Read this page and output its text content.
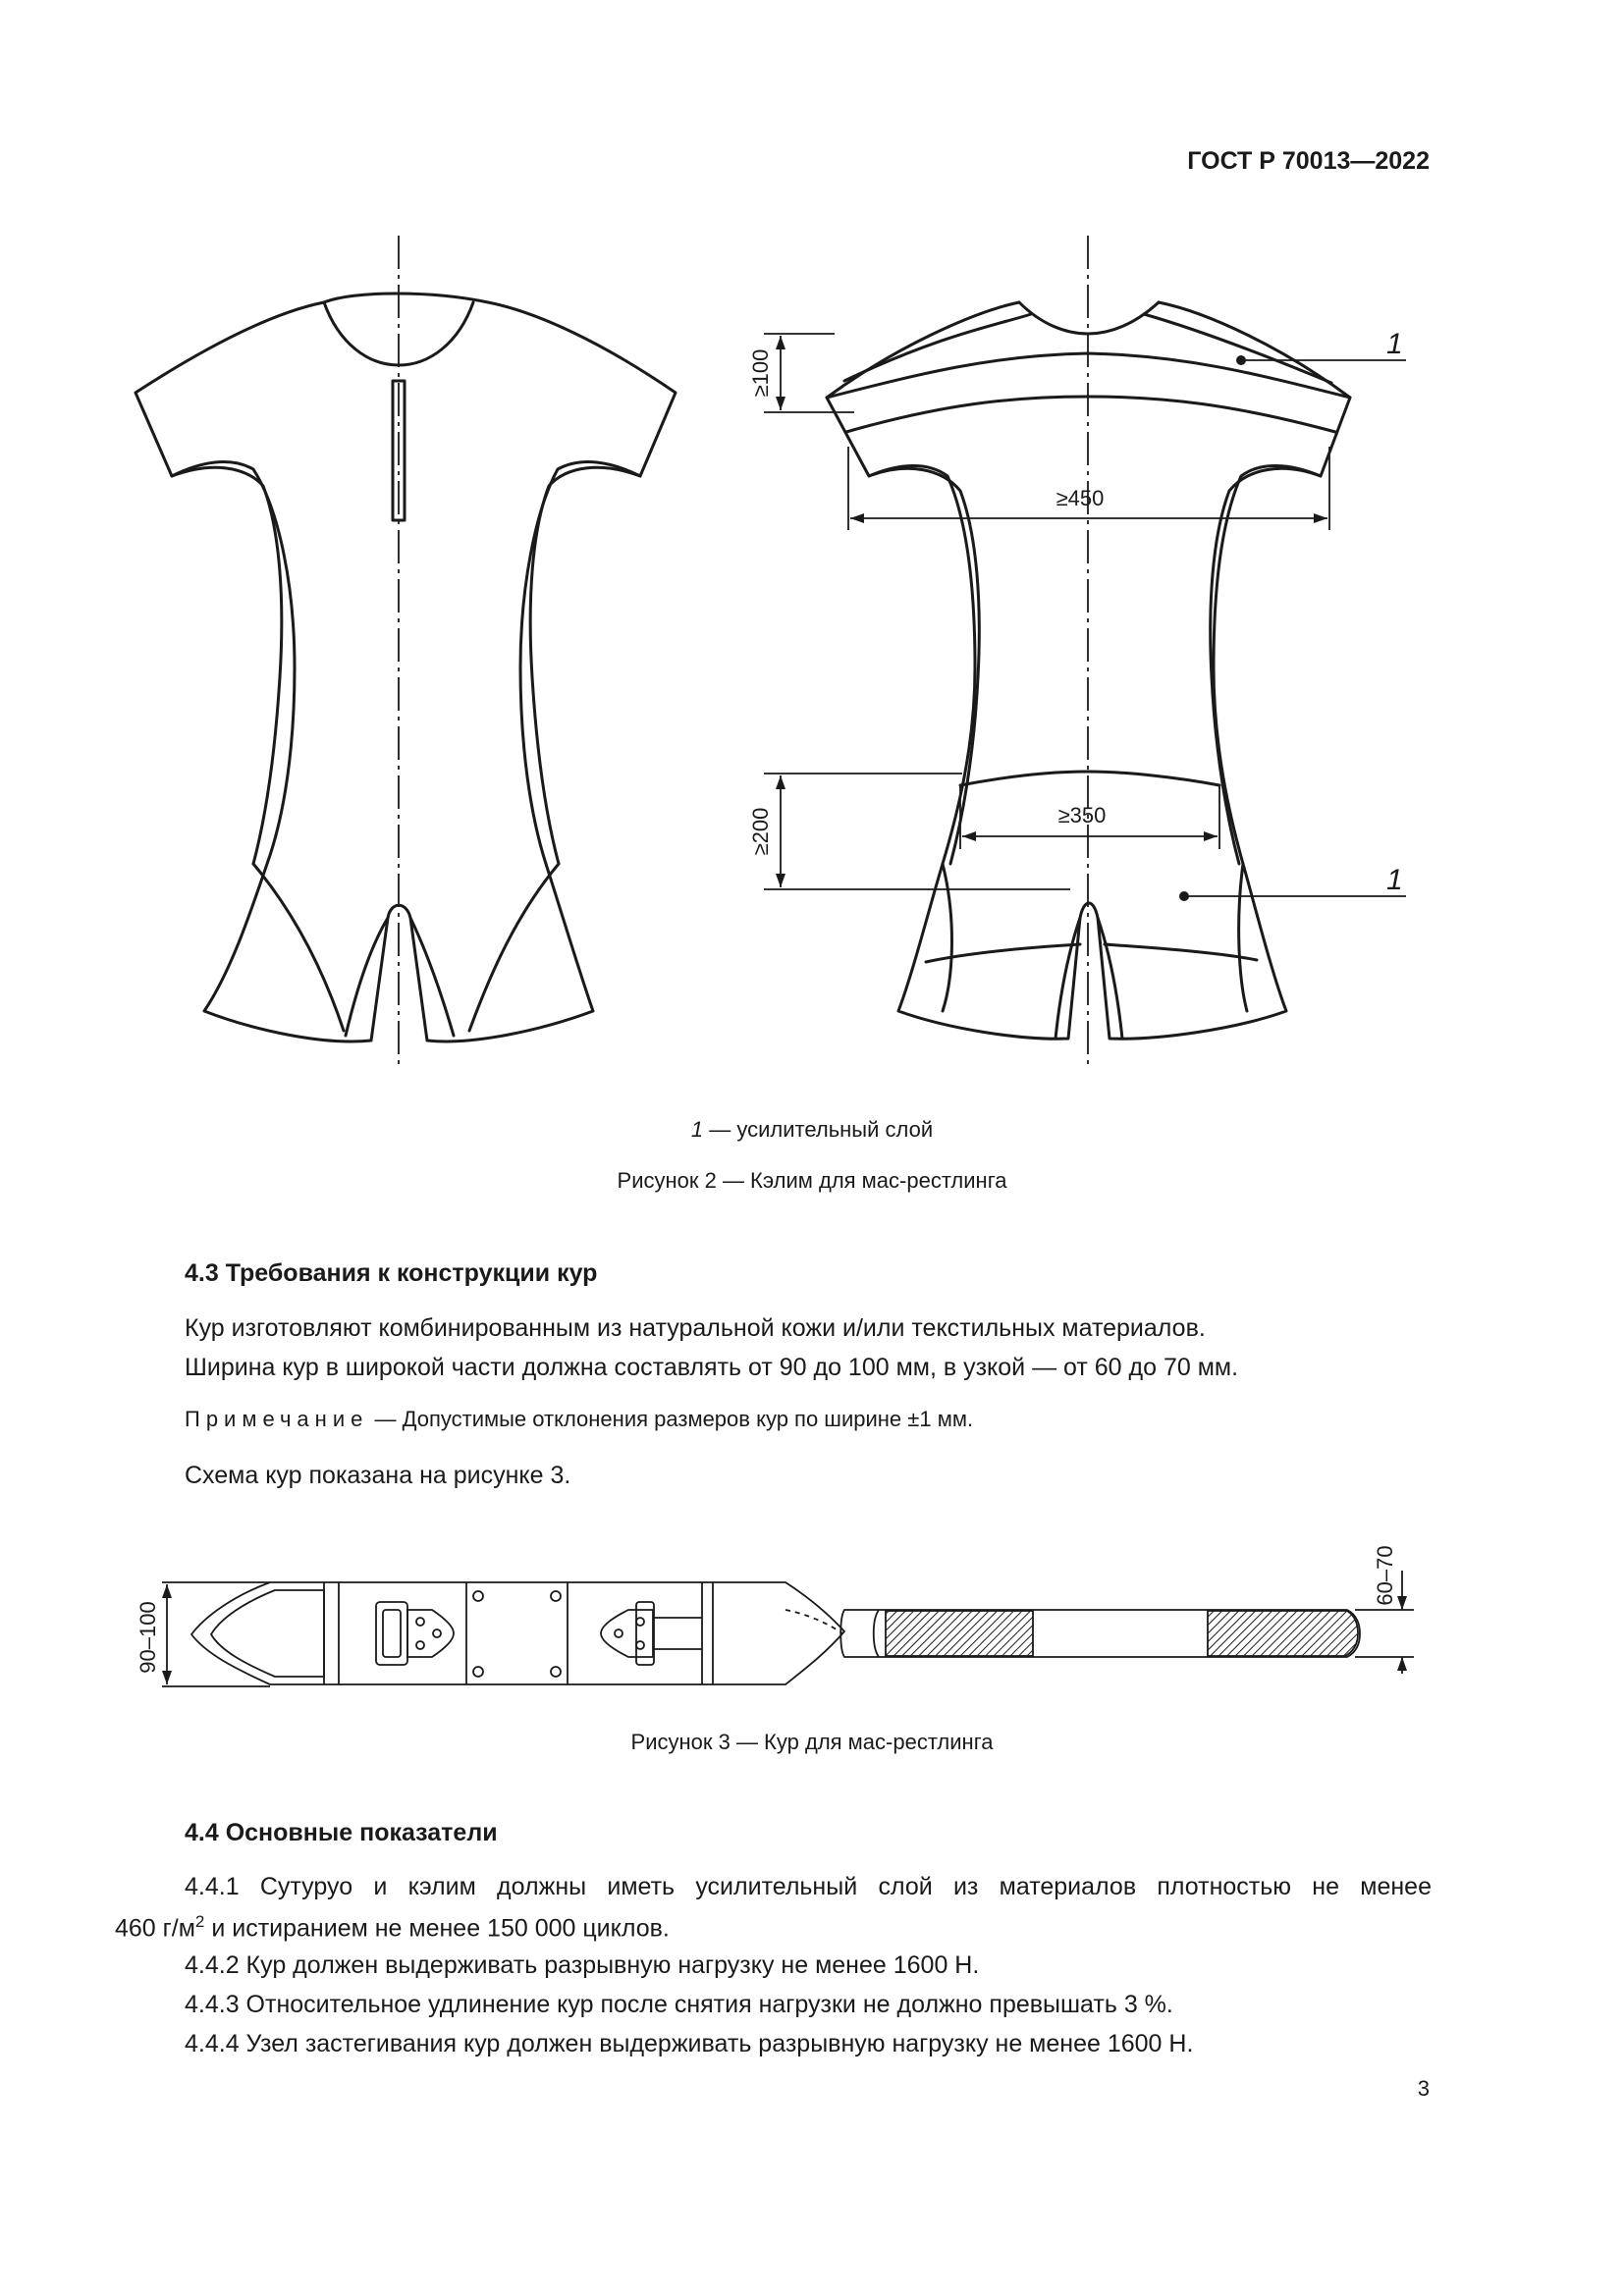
ГОСТ Р 70013—2022
≥100
≥450
≥200	≥350
1
1
1 — усилительный слой
Рисунок 2 — Кэлим для мас-рестлинга
4.3 Требования к конструкции кур
Кур изготовляют комбинированным из натуральной кожи и/или текстильных материалов.
Ширина кур в широкой части должна составлять от 90 до 100 мм, в узкой — от 60 до 70 мм.
Примечание — Допустимые отклонения размеров кур по ширине ±1 мм.
Схема кур показана на рисунке 3.
90–100
60–70
Рисунок 3 — Кур для мас-рестлинга
4.4 Основные показатели
4.4.1 Сутуруо и кэлим должны иметь усилительный слой из материалов плотностью не менее
460 $г/м^2$ и истиранием не менее 150 000 циклов.
4.4.2 Кур должен выдерживать разрывную нагрузку не менее 1600 Н.
4.4.3 Относительное удлинение кур после снятия нагрузки не должно превышать 3 %.
4.4.4 Узел застегивания кур должен выдерживать разрывную нагрузку не менее 1600 Н.
3
